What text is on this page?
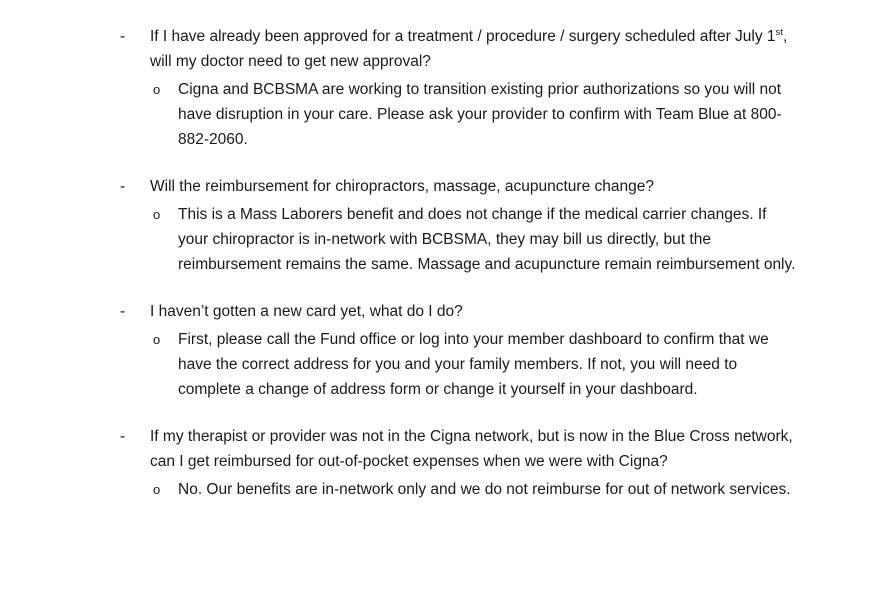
-	If I have already been approved for a treatment / procedure / surgery scheduled after July 1st, will my doctor need to get new approval?
o	Cigna and BCBSMA are working to transition existing prior authorizations so you will not have disruption in your care. Please ask your provider to confirm with Team Blue at 800-882-2060.
-	Will the reimbursement for chiropractors, massage, acupuncture change?
o	This is a Mass Laborers benefit and does not change if the medical carrier changes. If your chiropractor is in-network with BCBSMA, they may bill us directly, but the reimbursement remains the same. Massage and acupuncture remain reimbursement only.
-	I haven’t gotten a new card yet, what do I do?
o	First, please call the Fund office or log into your member dashboard to confirm that we have the correct address for you and your family members. If not, you will need to complete a change of address form or change it yourself in your dashboard.
-	If my therapist or provider was not in the Cigna network, but is now in the Blue Cross network, can I get reimbursed for out-of-pocket expenses when we were with Cigna?
o	No. Our benefits are in-network only and we do not reimburse for out of network services.
